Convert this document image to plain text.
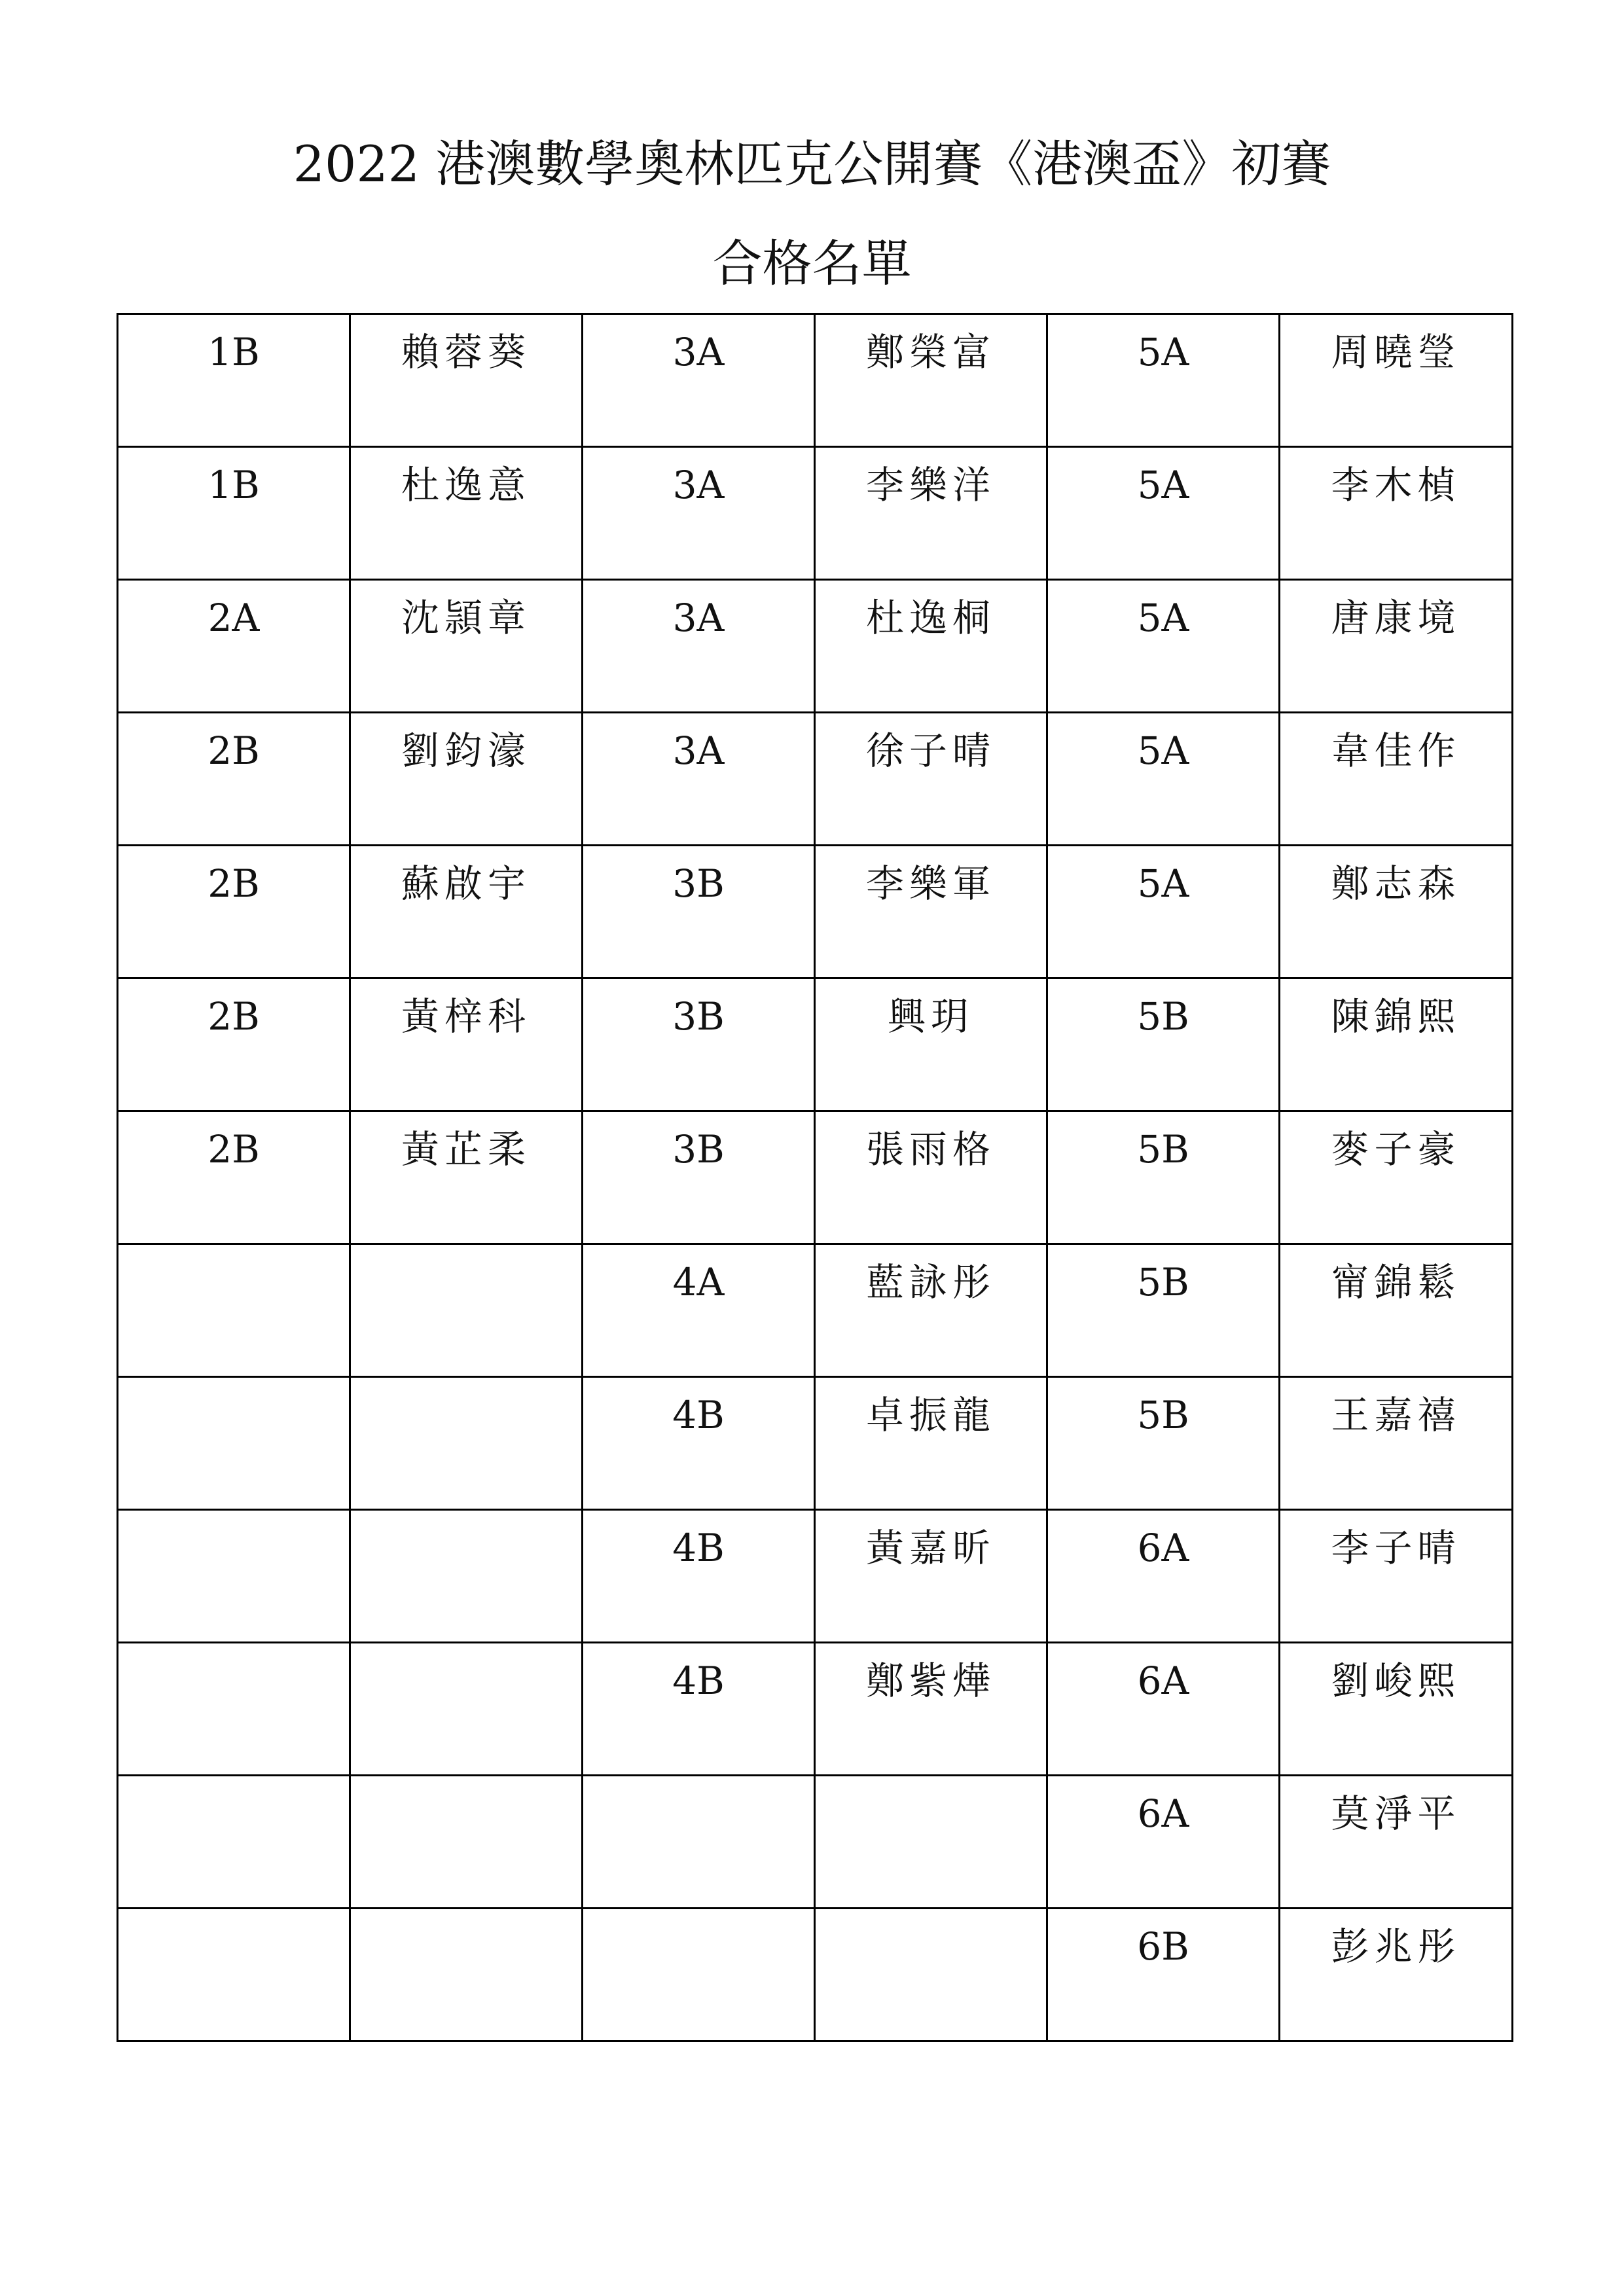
2022 港澳數學奧林匹克公開賽《港澳盃》初賽
合格名單
1B	賴蓉葵	3A	鄭榮富	5A	周曉瑩
1B	杜逸意	3A	李樂洋	5A	李木楨
2A	沈頴章	3A	杜逸桐	5A	唐康境
2B	劉鈞濠	3A	徐子晴	5A	韋佳作
2B	蘇啟宇	3B	李樂軍	5A	鄭志森
2B	黃梓科	3B	興玥	5B	陳錦熙
2B	黃芷柔	3B	張雨格	5B	麥子豪
		4A	藍詠彤	5B	甯錦鬆
		4B	卓振龍	5B	王嘉禧
		4B	黃嘉昕	6A	李子晴
		4B	鄭紫燁	6A	劉峻熙
				6A	莫淨平
				6B	彭兆彤
